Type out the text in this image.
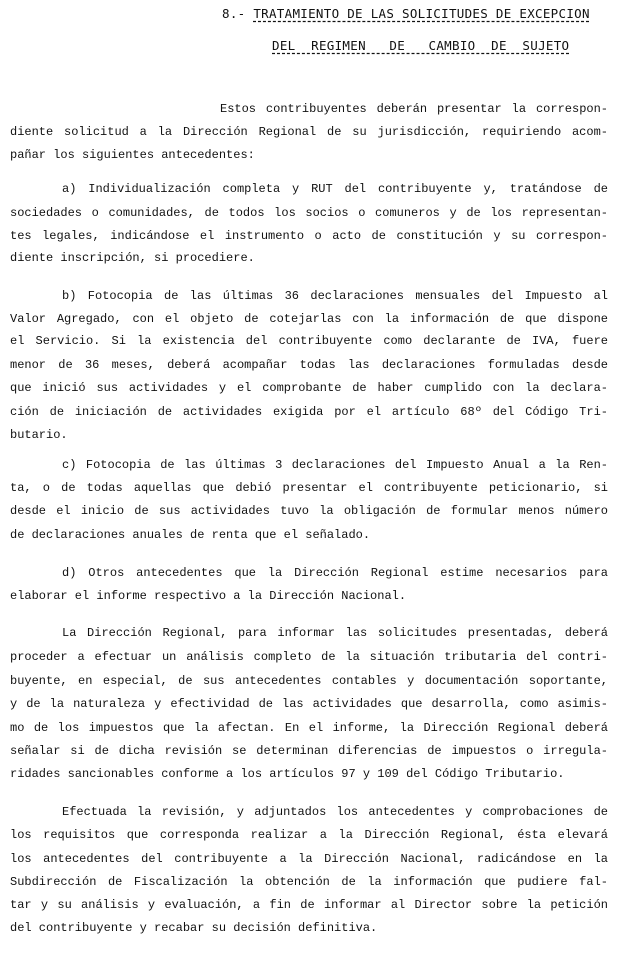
8.- TRATAMIENTO DE LAS SOLICITUDES DE EXCEPCION
DEL  REGIMEN   DE   CAMBIO  DE  SUJETO
Estos contribuyentes deberán presentar la correspon-
diente solicitud a la Dirección Regional de su jurisdicción, requiriendo acom-
pañar los siguientes antecedentes:
a) Individualización completa y RUT del contribuyente y, tratándose de
sociedades o comunidades, de todos los socios o comuneros y de los representan-
tes legales, indicándose el instrumento o acto de constitución y su correspon-
diente inscripción, si procediere.
b) Fotocopia de las últimas 36 declaraciones mensuales del Impuesto al
Valor Agregado, con el objeto de cotejarlas con la información de que dispone
el Servicio. Si la existencia del contribuyente como declarante de IVA, fuere
menor de 36 meses, deberá acompañar todas las declaraciones formuladas desde
que inició sus actividades y el comprobante de haber cumplido con la declara-
ción de iniciación de actividades exigida por el artículo 68º del Código Tri-
butario.
c) Fotocopia de las últimas 3 declaraciones del Impuesto Anual a la Ren-
ta, o de todas aquellas que debió presentar el contribuyente peticionario, si
desde el inicio de sus actividades tuvo la obligación de formular menos número
de declaraciones anuales de renta que el señalado.
d) Otros antecedentes que la Dirección Regional estime necesarios para
elaborar el informe respectivo a la Dirección Nacional.
La Dirección Regional, para informar las solicitudes presentadas, deberá
proceder a efectuar un análisis completo de la situación tributaria del contri-
buyente, en especial, de sus antecedentes contables y documentación soportante,
y de la naturaleza y efectividad de las actividades que desarrolla, como asimis-
mo de los impuestos que la afectan. En el informe, la Dirección Regional deberá
señalar si de dicha revisión se determinan diferencias de impuestos o irregula-
ridades sancionables conforme a los artículos 97 y 109 del Código Tributario.
Efectuada la revisión, y adjuntados los antecedentes y comprobaciones de
los requisitos que corresponda realizar a la Dirección Regional, ésta elevará
los antecedentes del contribuyente a la Dirección Nacional, radicándose en la
Subdirección de Fiscalización la obtención de la información que pudiere fal-
tar y su análisis y evaluación, a fin de informar al Director sobre la petición
del contribuyente y recabar su decisión definitiva.
